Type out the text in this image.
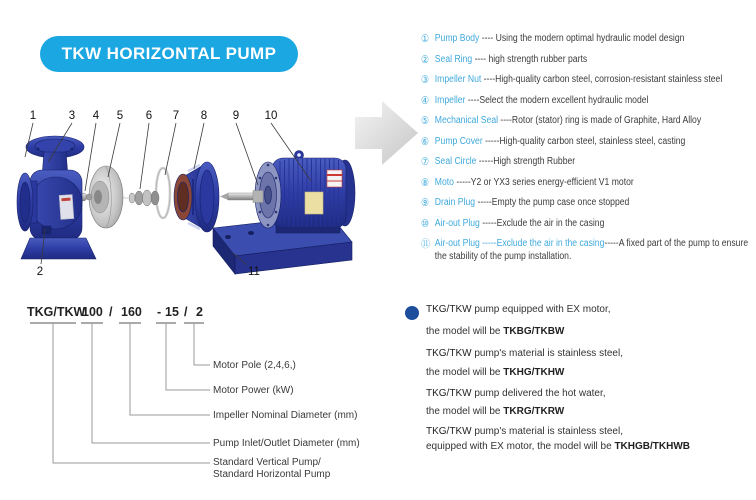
TKW HORIZONTAL PUMP
1	3 4 5 6 7 8 9 10
2	11
① Pump Body ---- Using the modern optimal hydraulic model design
② Seal Ring ---- high strength rubber parts
③ Impeller Nut ----High-quality carbon steel, corrosion-resistant stainless steel
④ Impeller ----Select the modern excellent hydraulic model
⑤ Mechanical Seal ----Rotor (stator) ring is made of Graphite, Hard Alloy
⑥ Pump Cover -----High-quality carbon steel, stainless steel, casting
⑦ Seal Circle -----High strength Rubber
⑧ Moto -----Y2 or YX3 series energy-efficient V1 motor
⑨ Drain Plug -----Empty the pump case once stopped
⑩ Air-out Plug -----Exclude the air in the casing
⑪ Air-out Plug -----Exclude the air in the casing-----A fixed part of the pump to ensure the stability of the pump installation.
TKG/TKW
100 / 160 - 15 / 2
Motor Pole (2,4,6,)
Motor Power (kW)
Impeller Nominal Diameter (mm)
Pump Inlet/Outlet Diameter (mm)
Standard Vertical Pump/
Standard Horizontal Pump
TKG/TKW pump equipped with EX motor,
the model will be TKBG/TKBW
TKG/TKW pump's material is stainless steel,
the model will be TKHG/TKHW
TKG/TKW pump delivered the hot water,
the model will be TKRG/TKRW
TKG/TKW pump's material is stainless steel,
equipped with EX motor, the model will be TKHGB/TKHWB
